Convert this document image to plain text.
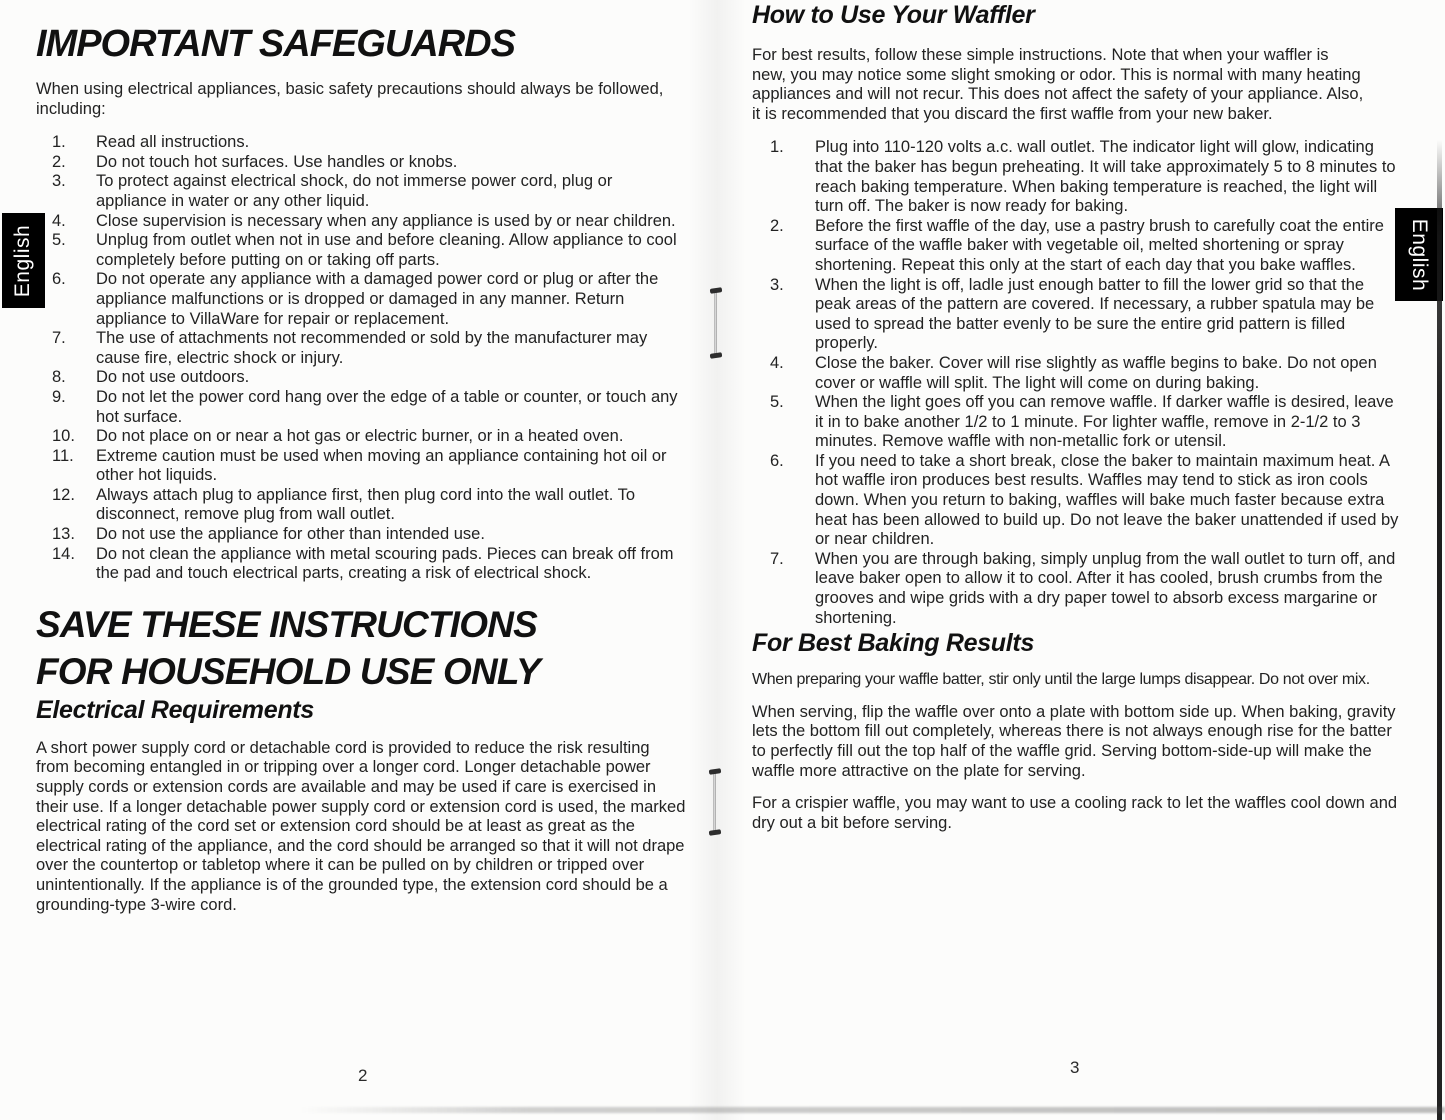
IMPORTANT SAFEGUARDS

When using electrical appliances, basic safety precautions should always be followed, including:

1.	Read all instructions.
2.	Do not touch hot surfaces. Use handles or knobs.
3.	To protect against electrical shock, do not immerse power cord, plug or appliance in water or any other liquid.
4.	Close supervision is necessary when any appliance is used by or near children.
5.	Unplug from outlet when not in use and before cleaning. Allow appliance to cool completely before putting on or taking off parts.
6.	Do not operate any appliance with a damaged power cord or plug or after the appliance malfunctions or is dropped or damaged in any manner. Return appliance to VillaWare for repair or replacement.
7.	The use of attachments not recommended or sold by the manufacturer may cause fire, electric shock or injury.
8.	Do not use outdoors.
9.	Do not let the power cord hang over the edge of a table or counter, or touch any hot surface.
10.	Do not place on or near a hot gas or electric burner, or in a heated oven.
11.	Extreme caution must be used when moving an appliance containing hot oil or other hot liquids.
12.	Always attach plug to appliance first, then plug cord into the wall outlet. To disconnect, remove plug from wall outlet.
13.	Do not use the appliance for other than intended use.
14.	Do not clean the appliance with metal scouring pads. Pieces can break off from the pad and touch electrical parts, creating a risk of electrical shock.
SAVE THESE INSTRUCTIONS
FOR HOUSEHOLD USE ONLY
Electrical Requirements

A short power supply cord or detachable cord is provided to reduce the risk resulting from becoming entangled in or tripping over a longer cord. Longer detachable power supply cords or extension cords are available and may be used if care is exercised in their use. If a longer detachable power supply cord or extension cord is used, the marked electrical rating of the cord set or extension cord should be at least as great as the electrical rating of the appliance, and the cord should be arranged so that it will not drape over the countertop or tabletop where it can be pulled on by children or tripped over unintentionally. If the appliance is of the grounded type, the extension cord should be a grounding-type 3-wire cord.

How to Use Your Waffler

For best results, follow these simple instructions. Note that when your waffler is new, you may notice some slight smoking or odor. This is normal with many heating appliances and will not recur. This does not affect the safety of your appliance. Also, it is recommended that you discard the first waffle from your new baker.

1.	Plug into 110-120 volts a.c. wall outlet. The indicator light will glow, indicating that the baker has begun preheating. It will take approximately 5 to 8 minutes to reach baking temperature. When baking temperature is reached, the light will turn off. The baker is now ready for baking.
2.	Before the first waffle of the day, use a pastry brush to carefully coat the entire surface of the waffle baker with vegetable oil, melted shortening or spray shortening. Repeat this only at the start of each day that you bake waffles.
3.	When the light is off, ladle just enough batter to fill the lower grid so that the peak areas of the pattern are covered. If necessary, a rubber spatula may be used to spread the batter evenly to be sure the entire grid pattern is filled properly.
4.	Close the baker. Cover will rise slightly as waffle begins to bake. Do not open cover or waffle will split. The light will come on during baking.
5.	When the light goes off you can remove waffle. If darker waffle is desired, leave it in to bake another 1/2 to 1 minute. For lighter waffle, remove in 2-1/2 to 3 minutes. Remove waffle with non-metallic fork or utensil.
6.	If you need to take a short break, close the baker to maintain maximum heat. A hot waffle iron produces best results. Waffles may tend to stick as iron cools down. When you return to baking, waffles will bake much faster because extra heat has been allowed to build up. Do not leave the baker unattended if used by or near children.
7.	When you are through baking, simply unplug from the wall outlet to turn off, and leave baker open to allow it to cool. After it has cooled, brush crumbs from the grooves and wipe grids with a dry paper towel to absorb excess margarine or shortening.
For Best Baking Results

When preparing your waffle batter, stir only until the large lumps disappear. Do not over mix.

When serving, flip the waffle over onto a plate with bottom side up. When baking, gravity lets the bottom fill out completely, whereas there is not always enough rise for the batter to perfectly fill out the top half of the waffle grid. Serving bottom-side-up will make the waffle more attractive on the plate for serving.

For a crispier waffle, you may want to use a cooling rack to let the waffles cool down and dry out a bit before serving.

2	3
English	English
